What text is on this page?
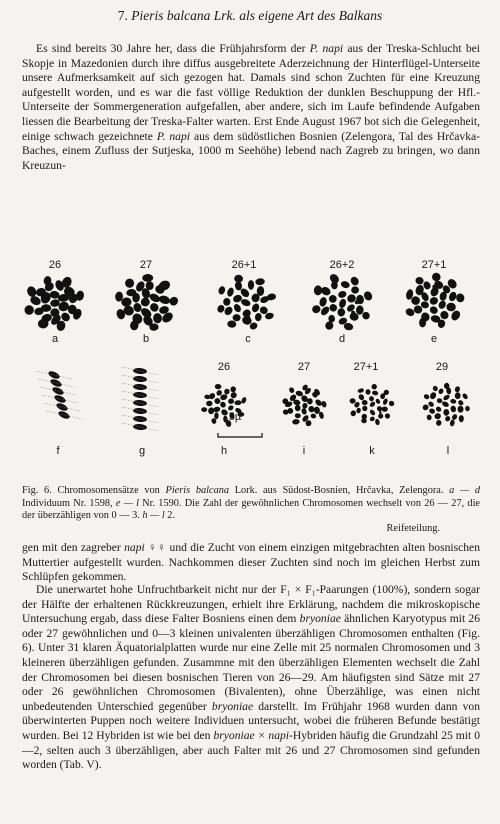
7. Pieris balcana Lrk. als eigene Art des Balkans

Es sind bereits 30 Jahre her, dass die Frühjahrsform der P. napi aus der Treska-Schlucht bei Skopje in Mazedonien durch ihre diffus ausgebreitete Aderzeichnung der Hinterflügel-Unterseite unsere Aufmerksamkeit auf sich gezogen hat. Damals sind schon Zuchten für eine Kreuzung aufgestellt worden, und es war die fast völlige Reduktion der dunklen Beschuppung der Hfl.-Unterseite der Sommergeneration aufgefallen, aber andere, sich im Laufe befindende Aufgaben liessen die Bearbeitung der Treska-Falter warten. Erst Ende August 1967 bot sich die Gelegenheit, einige schwach gezeichnete P. napi aus dem südöstlichen Bosnien (Zelengora, Tal des Hrčavka-Baches, einem Zufluss der Sutjeska, 1000 m Seehöhe) lebend nach Zagreb zu bringen, wo dann Kreuzun-

26	27	26+1	26+2	27+1
a	b	c	d	e
26	27	27+1	29
f	g	h	i	k	l
5µ

Fig. 6. Chromosomensätze von Pieris balcana Lork. aus Südost-Bosnien, Hrčavka, Zelengora. a — d Individuum Nr. 1598, e — l Nr. 1590. Die Zahl der gewöhnlichen Chromosomen wechselt von 26 — 27, die der überzähligen von 0 — 3. h — l 2.
Reifeteilung.

gen mit den zagreber napi ♀♀ und die Zucht von einem einzigen mitgebrachten alten bosnischen Muttertier aufgestellt wurden. Nachkommen dieser Zuchten sind noch im gleichen Herbst zum Schlüpfen gekommen.

Die unerwartet hohe Unfruchtbarkeit nicht nur der F₁ × F₁-Paarungen (100%), sondern sogar der Hälfte der erhaltenen Rückkreuzungen, erhielt ihre Erklärung, nachdem die mikroskopische Untersuchung ergab, dass diese Falter Bosniens einen dem bryoniae ähnlichen Karyotypus mit 26 oder 27 gewöhnlichen und 0—3 kleinen univalenten überzähligen Chromosomen enthalten (Fig. 6). Unter 31 klaren Äquatorialplatten wurde nur eine Zelle mit 25 normalen Chromosomen und 3 kleineren überzähligen gefunden. Zusammne mit den überzähligen Elementen wechselt die Zahl der Chromosomen bei diesen bosnischen Tieren von 26—29. Am häufigsten sind Sätze mit 27 oder 26 gewöhnlichen Chromosomen (Bivalenten), ohne Überzählige, was einen nicht unbedeutenden Unterschied gegenüber bryoniae darstellt. Im Frühjahr 1968 wurden dann von überwinterten Puppen noch weitere Individuen untersucht, wobei die früheren Befunde bestätigt wurden. Bei 12 Hybriden ist wie bei den bryoniae × napi-Hybriden häufig die Grundzahl 25 mit 0—2, selten auch 3 überzähligen, aber auch Falter mit 26 und 27 Chromosomen sind gefunden worden (Tab. V).
